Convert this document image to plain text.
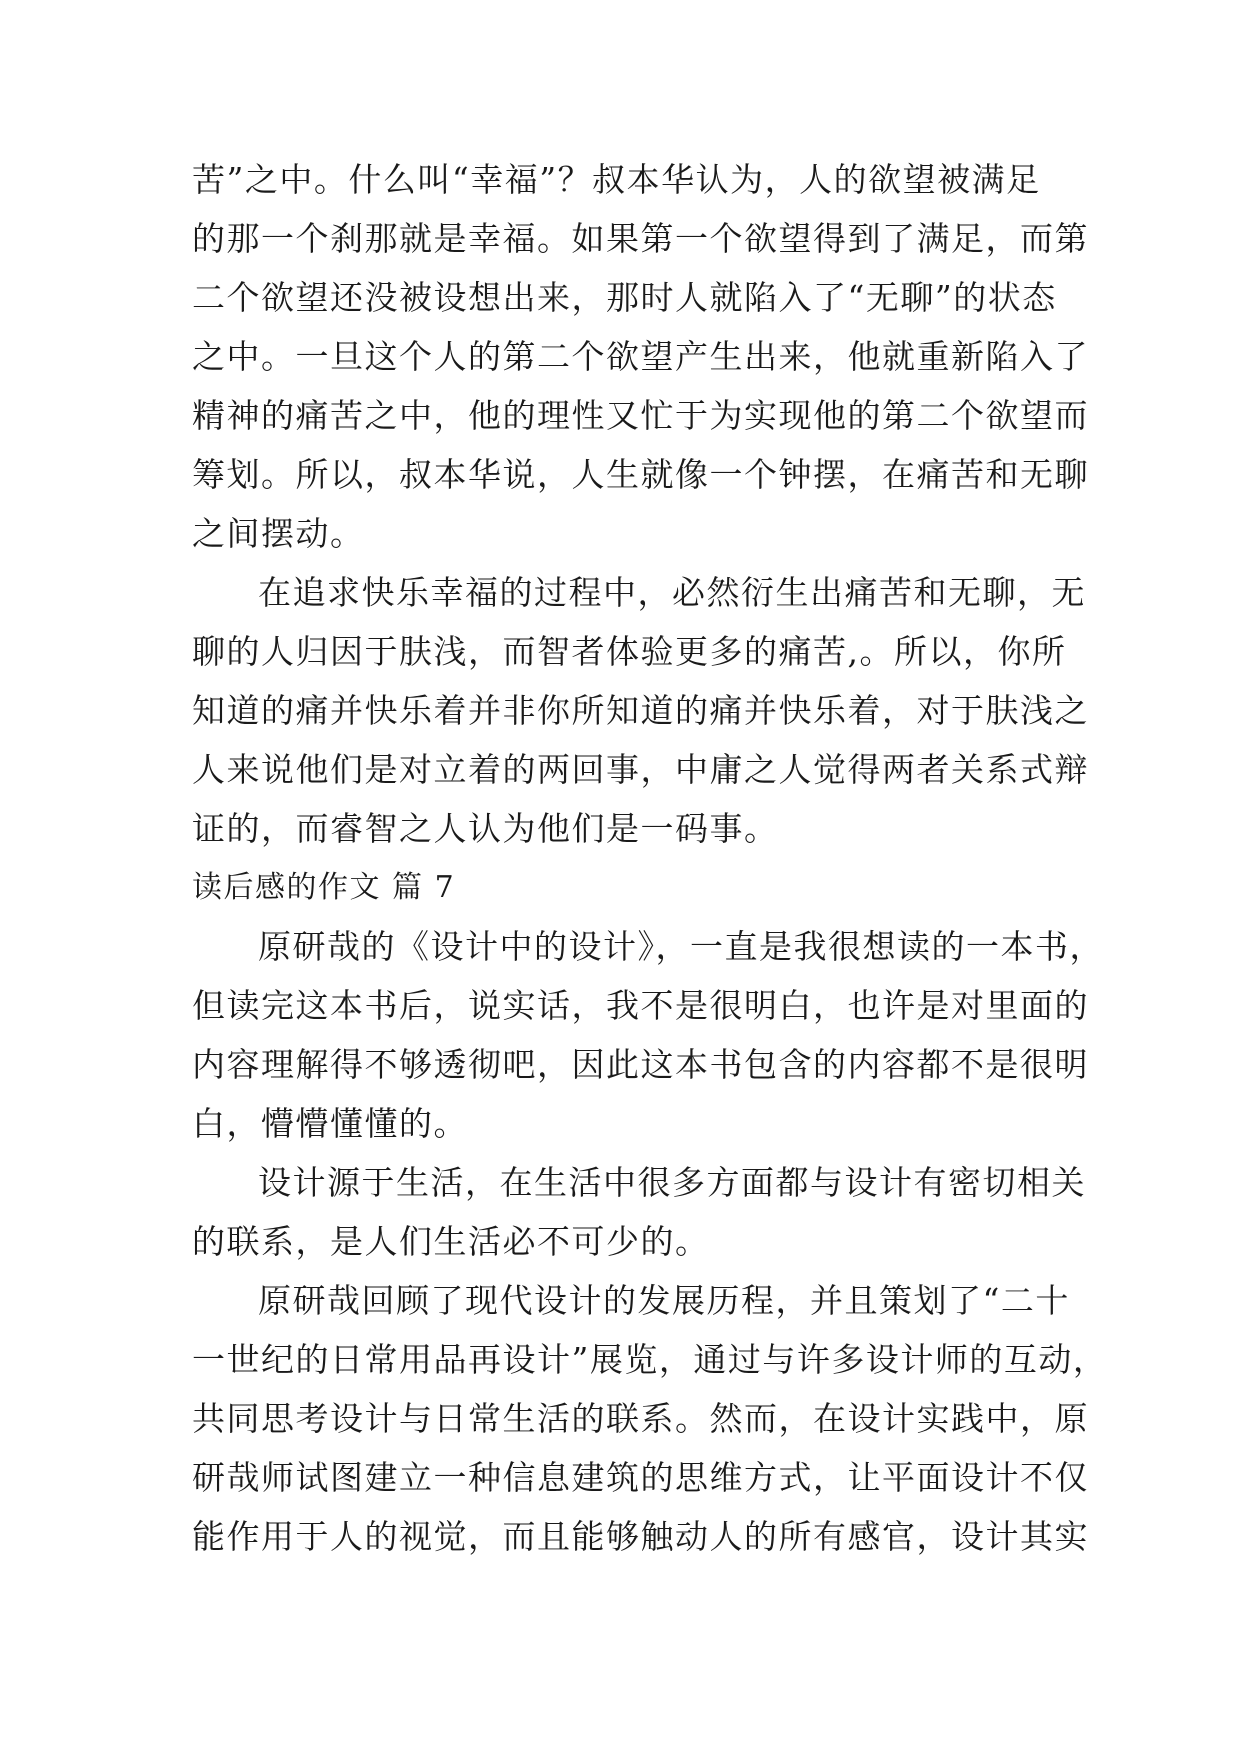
苦”之中。什么叫“幸福”？叔本华认为，人的欲望被满足
的那一个刹那就是幸福。如果第一个欲望得到了满足，而第
二个欲望还没被设想出来，那时人就陷入了“无聊”的状态
之中。一旦这个人的第二个欲望产生出来，他就重新陷入了
精神的痛苦之中，他的理性又忙于为实现他的第二个欲望而
筹划。所以，叔本华说，人生就像一个钟摆，在痛苦和无聊
之间摆动。
在追求快乐幸福的过程中，必然衍生出痛苦和无聊，无
聊的人归因于肤浅，而智者体验更多的痛苦,。所以，你所
知道的痛并快乐着并非你所知道的痛并快乐着，对于肤浅之
人来说他们是对立着的两回事，中庸之人觉得两者关系式辩
证的，而睿智之人认为他们是一码事。
读后感的作文 篇 7
原研哉的《设计中的设计》，一直是我很想读的一本书，
但读完这本书后，说实话，我不是很明白，也许是对里面的
内容理解得不够透彻吧，因此这本书包含的内容都不是很明
白，懵懵懂懂的。
设计源于生活，在生活中很多方面都与设计有密切相关
的联系，是人们生活必不可少的。
原研哉回顾了现代设计的发展历程，并且策划了“二十
一世纪的日常用品再设计”展览，通过与许多设计师的互动，
共同思考设计与日常生活的联系。然而，在设计实践中，原
研哉师试图建立一种信息建筑的思维方式，让平面设计不仅
能作用于人的视觉，而且能够触动人的所有感官，设计其实
